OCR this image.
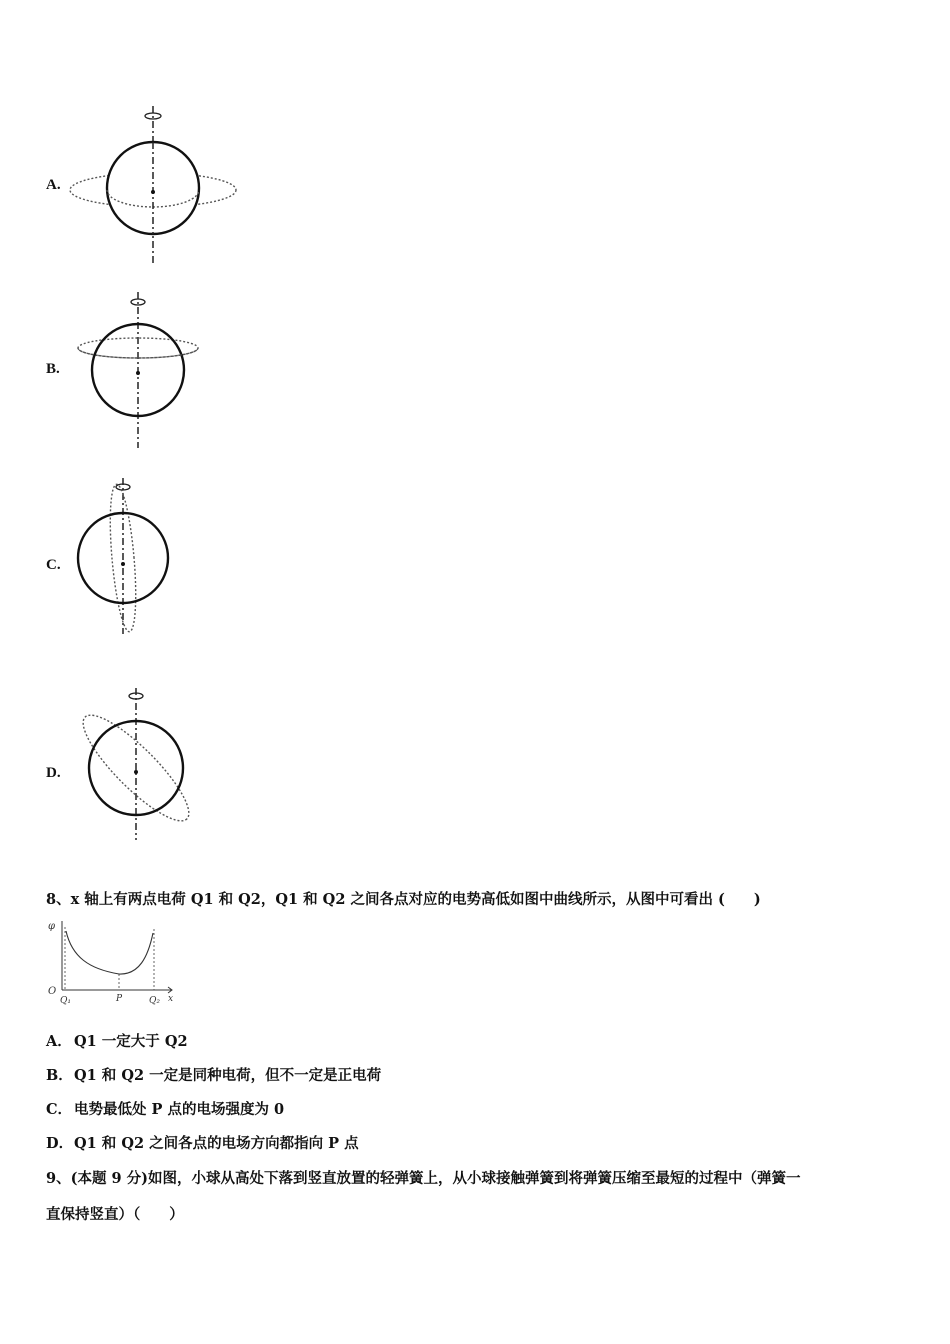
A.
B.
C.
D.
8、x 轴上有两点电荷 Q1 和 Q2，Q1 和 Q2 之间各点对应的电势高低如图中曲线所示，从图中可看出 (　　)
φ
O
Q₁	P	Q₂ x
A． Q1 一定大于 Q2
B．Q1 和 Q2 一定是同种电荷，但不一定是正电荷
C． 电势最低处 P 点的电场强度为 0
D．Q1 和 Q2 之间各点的电场方向都指向 P 点
9、(本题 9 分)如图，小球从高处下落到竖直放置的轻弹簧上，从小球接触弹簧到将弹簧压缩至最短的过程中（弹簧一
直保持竖直）（　　）
